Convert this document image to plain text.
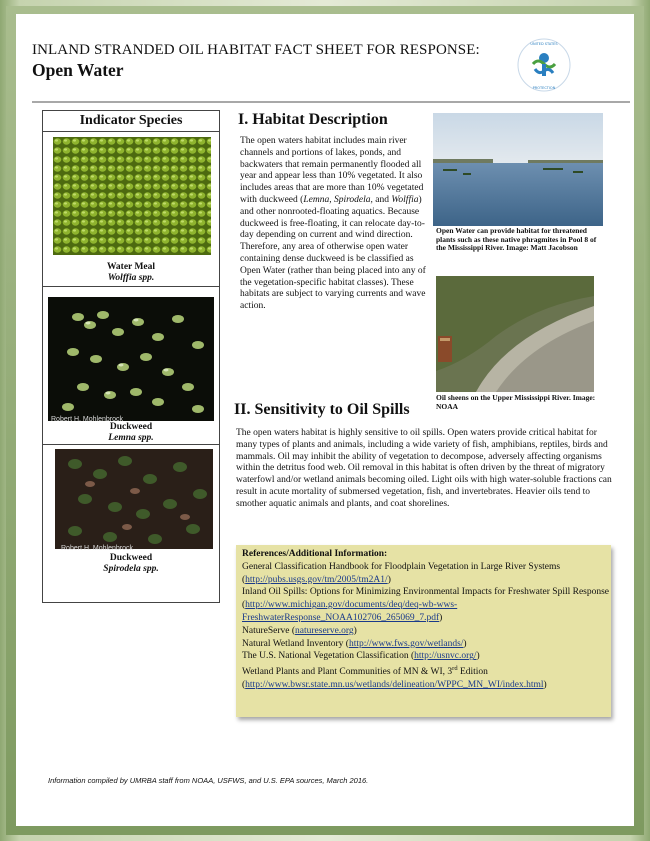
INLAND STRANDED OIL HABITAT FACT SHEET FOR RESPONSE:
Open Water
UNITED STATES
PROTECTION
Indicator Species
Water Meal
Wolffia spp.
Robert H. Mohlenbrock
Duckweed
Lemna spp.
Robert H. Mohlenbrock
Duckweed
Spirodela spp.
I. Habitat Description
The open waters habitat includes main river channels and portions of lakes, ponds, and backwaters that remain permanently flooded all year and appear less than 10% vegetated. It also includes areas that are more than 10% vegetated with duckweed (Lemna, Spirodela, and Wolffia) and other nonrooted-floating aquatics. Because duckweed is free-floating, it can relocate day-to-day depending on current and wind direction. Therefore, any area of otherwise open water containing dense duckweed is be classified as Open Water (rather than being placed into any of the vegetation-specific habitat classes). These habitats are subject to varying currents and wave action.
Open Water can provide habitat for threatened plants such as these native phragmites in Pool 8 of the Mississippi River. Image: Matt Jacobson
Oil sheens on the Upper Mississippi River. Image: NOAA
II. Sensitivity to Oil Spills
The open waters habitat is highly sensitive to oil spills. Open waters provide critical habitat for many types of plants and animals, including a wide variety of fish, amphibians, reptiles, birds and mammals. Oil may inhibit the ability of vegetation to decompose, adversely affecting organisms within the detritus food web. Oil removal in this habitat is often driven by the threat of migratory waterfowl and/or wetland animals becoming oiled. Light oils with high water-soluble fractions can result in acute mortality of submersed vegetation, fish, and invertebrates. Heavier oils tend to smother aquatic animals and plants, and coat shorelines.
References/Additional Information:
General Classification Handbook for Floodplain Vegetation in Large River Systems (http://pubs.usgs.gov/tm/2005/tm2A1/)
Inland Oil Spills: Options for Minimizing Environmental Impacts for Freshwater Spill Response (http://www.michigan.gov/documents/deq/deq-wb-wws-FreshwaterResponse_NOAA102706_265069_7.pdf)
NatureServe (natureserve.org)
Natural Wetland Inventory (http://www.fws.gov/wetlands/)
The U.S. National Vegetation Classification (http://usnvc.org/)
Wetland Plants and Plant Communities of MN & WI, 3rd Edition
(http://www.bwsr.state.mn.us/wetlands/delineation/WPPC_MN_WI/index.html)
Information compiled by UMRBA staff from NOAA, USFWS, and U.S. EPA sources, March 2016.
